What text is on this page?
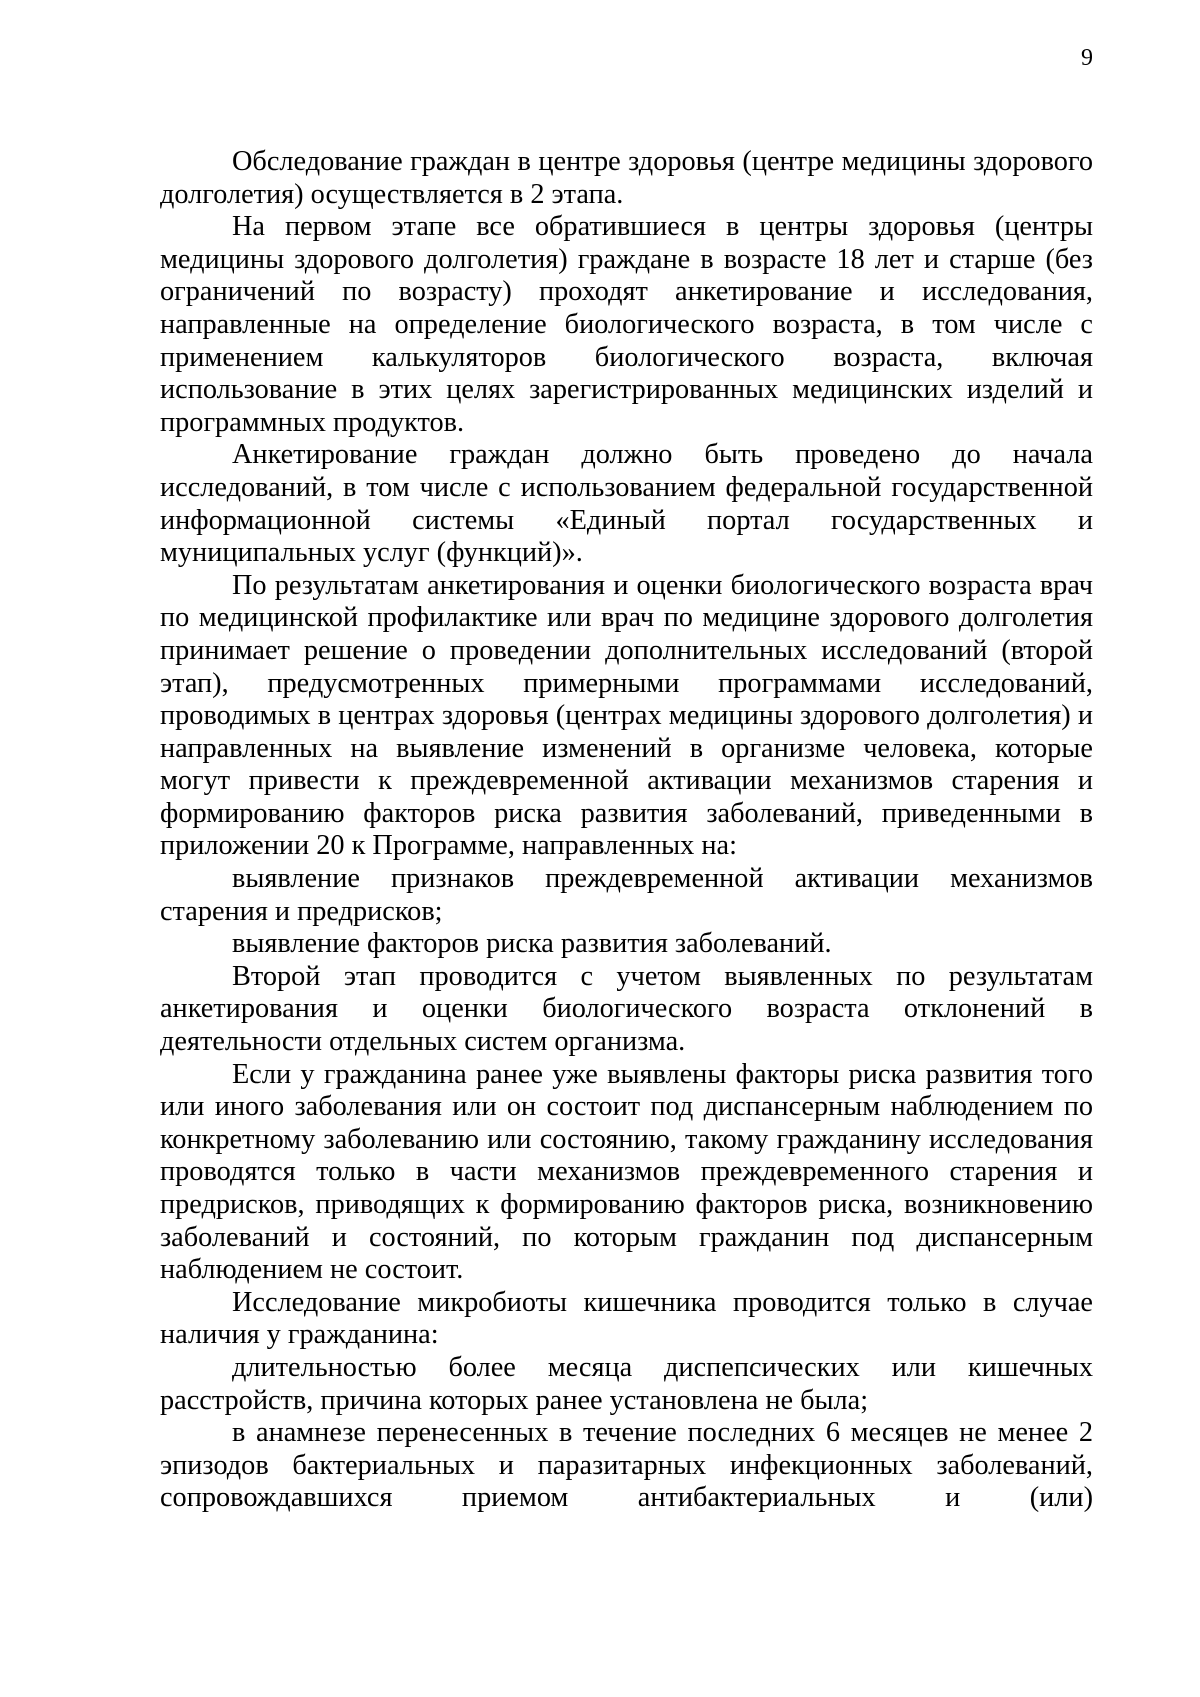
9

Обследование граждан в центре здоровья (центре медицины здорового долголетия) осуществляется в 2 этапа.

На первом этапе все обратившиеся в центры здоровья (центры медицины здорового долголетия) граждане в возрасте 18 лет и старше (без ограничений по возрасту) проходят анкетирование и исследования, направленные на определение биологического возраста, в том числе с применением калькуляторов биологического возраста, включая использование в этих целях зарегистрированных медицинских изделий и программных продуктов.

Анкетирование граждан должно быть проведено до начала исследований, в том числе с использованием федеральной государственной информационной системы «Единый портал государственных и муниципальных услуг (функций)».

По результатам анкетирования и оценки биологического возраста врач по медицинской профилактике или врач по медицине здорового долголетия принимает решение о проведении дополнительных исследований (второй этап), предусмотренных примерными программами исследований, проводимых в центрах здоровья (центрах медицины здорового долголетия) и направленных на выявление изменений в организме человека, которые могут привести к преждевременной активации механизмов старения и формированию факторов риска развития заболеваний, приведенными в приложении 20 к Программе, направленных на:

выявление признаков преждевременной активации механизмов старения и предрисков;

выявление факторов риска развития заболеваний.

Второй этап проводится с учетом выявленных по результатам анкетирования и оценки биологического возраста отклонений в деятельности отдельных систем организма.

Если у гражданина ранее уже выявлены факторы риска развития того или иного заболевания или он состоит под диспансерным наблюдением по конкретному заболеванию или состоянию, такому гражданину исследования проводятся только в части механизмов преждевременного старения и предрисков, приводящих к формированию факторов риска, возникновению заболеваний и состояний, по которым гражданин под диспансерным наблюдением не состоит.

Исследование микробиоты кишечника проводится только в случае наличия у гражданина:

длительностью более месяца диспепсических или кишечных расстройств, причина которых ранее установлена не была;

в анамнезе перенесенных в течение последних 6 месяцев не менее 2 эпизодов бактериальных и паразитарных инфекционных заболеваний, сопровождавшихся приемом антибактериальных и (или)
